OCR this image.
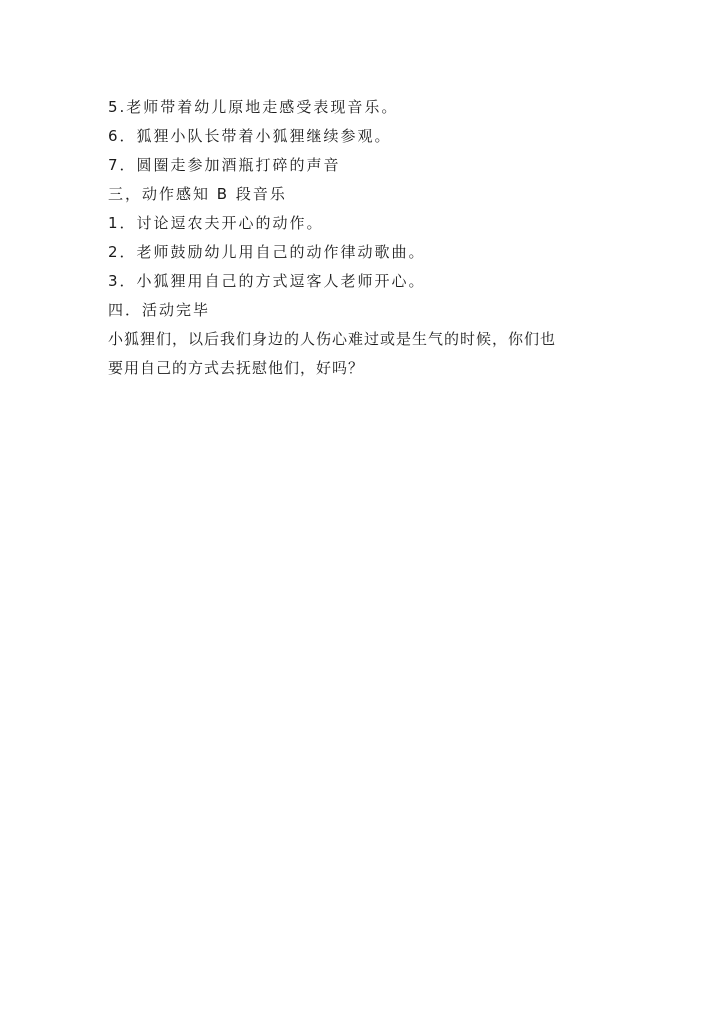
5.老师带着幼儿原地走感受表现音乐。
6．狐狸小队长带着小狐狸继续参观。
7．圆圈走参加酒瓶打碎的声音
三，动作感知 B 段音乐
1．讨论逗农夫开心的动作。
2．老师鼓励幼儿用自己的动作律动歌曲。
3．小狐狸用自己的方式逗客人老师开心。
四．活动完毕
小狐狸们，以后我们身边的人伤心难过或是生气的时候，你们也
要用自己的方式去抚慰他们，好吗？
